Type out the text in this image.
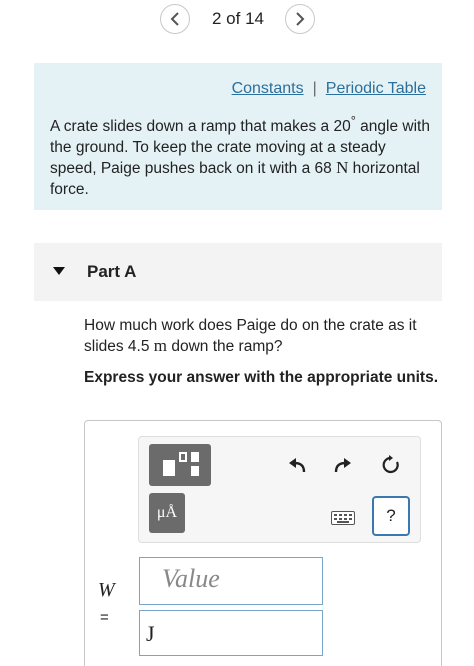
2 of 14
Constants | Periodic Table
A crate slides down a ramp that makes a 20° angle with the ground. To keep the crate moving at a steady speed, Paige pushes back on it with a 68 N horizontal force.
Part A
How much work does Paige do on the crate as it slides 4.5 m down the ramp?
Express your answer with the appropriate units.
μÅ	?
W
=
Value
J
